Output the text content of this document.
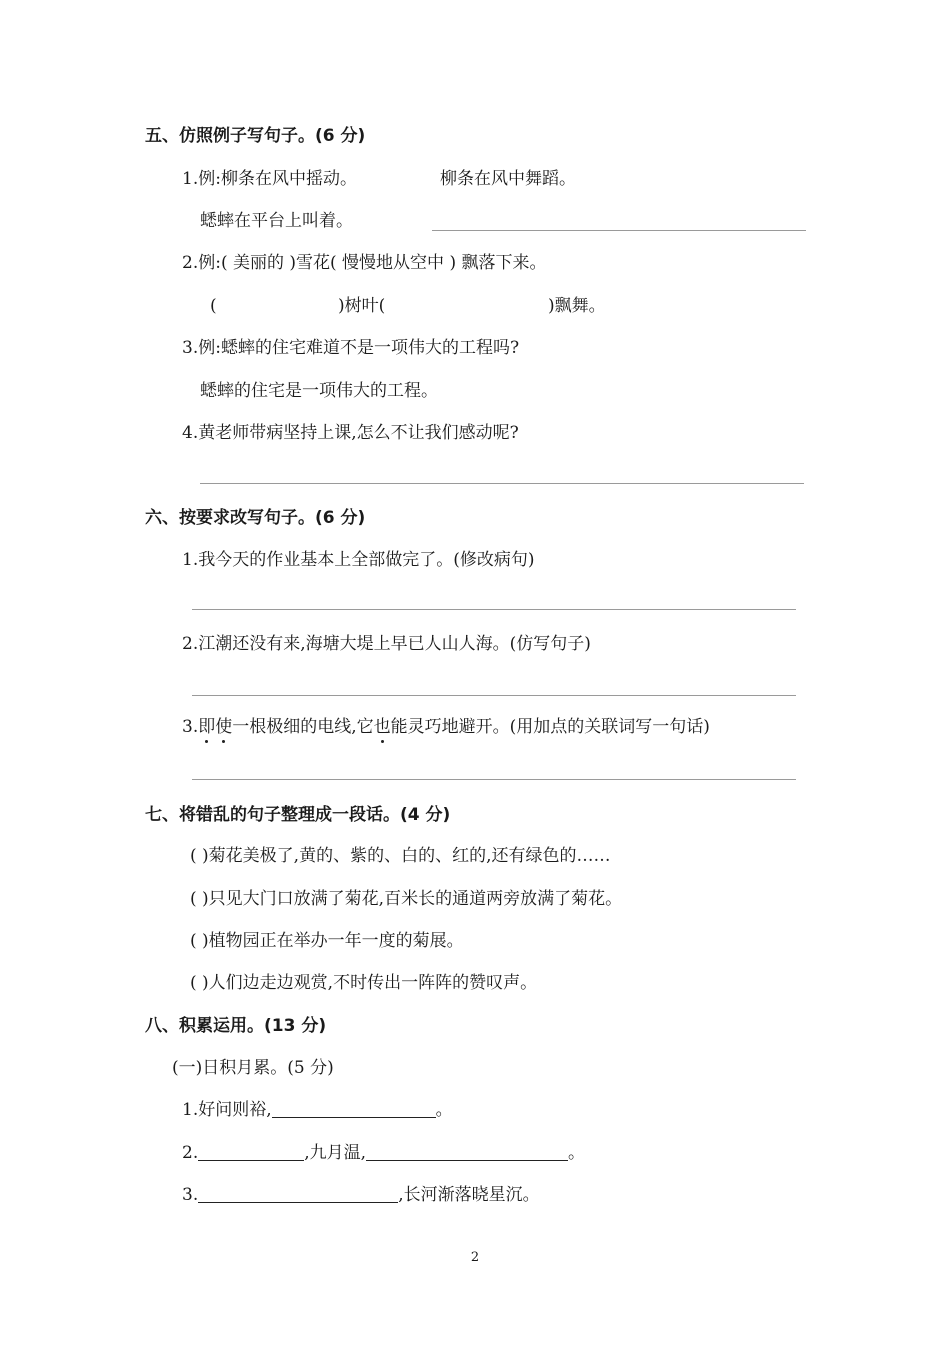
五、仿照例子写句子。(6 分)
1.例:柳条在风中摇动。	柳条在风中舞蹈。
蟋蟀在平台上叫着。
2.例:( 美丽的 )雪花( 慢慢地从空中 ) 飘落下来。
(	)树叶(	)飘舞。
3.例:蟋蟀的住宅难道不是一项伟大的工程吗?
蟋蟀的住宅是一项伟大的工程。
4.黄老师带病坚持上课,怎么不让我们感动呢?
六、按要求改写句子。(6 分)
1.我今天的作业基本上全部做完了。(修改病句)
2.江潮还没有来,海塘大堤上早已人山人海。(仿写句子)
3.即使一根极细的电线,它也能灵巧地避开。(用加点的关联词写一句话)
七、将错乱的句子整理成一段话。(4 分)
( )菊花美极了,黄的、紫的、白的、红的,还有绿色的……
( )只见大门口放满了菊花,百米长的通道两旁放满了菊花。
( )植物园正在举办一年一度的菊展。
( )人们边走边观赏,不时传出一阵阵的赞叹声。
八、积累运用。(13 分)
(一)日积月累。(5 分)
1.好问则裕,	。
2.	,九月温,	。
3.	,长河渐落晓星沉。
2
